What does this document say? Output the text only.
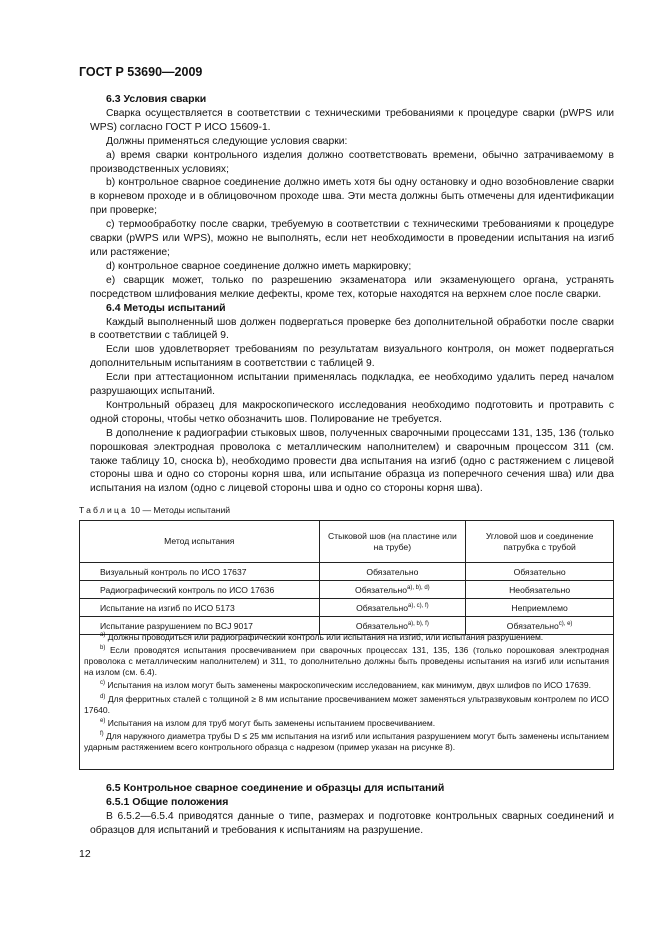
ГОСТ Р 53690—2009
6.3 Условия сварки

Сварка осуществляется в соответствии с техническими требованиями к процедуре сварки (pWPS или WPS) согласно ГОСТ Р ИСО 15609-1.

Должны применяться следующие условия сварки:

а) время сварки контрольного изделия должно соответствовать времени, обычно затрачиваемому в производственных условиях;

b) контрольное сварное соединение должно иметь хотя бы одну остановку и одно возобновление сварки в корневом проходе и в облицовочном проходе шва. Эти места должны быть отмечены для идентификации при проверке;

c) термообработку после сварки, требуемую в соответствии с техническими требованиями к процедуре сварки (pWPS или WPS), можно не выполнять, если нет необходимости в проведении испытания на изгиб или растяжение;

d) контрольное сварное соединение должно иметь маркировку;

е) сварщик может, только по разрешению экзаменатора или экзаменующего органа, устранять посредством шлифования мелкие дефекты, кроме тех, которые находятся на верхнем слое после сварки.

6.4 Методы испытаний

Каждый выполненный шов должен подвергаться проверке без дополнительной обработки после сварки в соответствии с таблицей 9.

Если шов удовлетворяет требованиям по результатам визуального контроля, он может подвергаться дополнительным испытаниям в соответствии с таблицей 9.

Если при аттестационном испытании применялась подкладка, ее необходимо удалить перед началом разрушающих испытаний.

Контрольный образец для макроскопического исследования необходимо подготовить и протравить с одной стороны, чтобы четко обозначить шов. Полирование не требуется.

В дополнение к радиографии стыковых швов, полученных сварочными процессами 131, 135, 136 (только порошковая электродная проволока с металлическим наполнителем) и сварочным процессом 311 (см. также таблицу 10, сноска b), необходимо провести два испытания на изгиб (одно с растяжением с лицевой стороны шва и одно со стороны корня шва, или испытание образца из поперечного сечения шва) или два испытания на излом (одно с лицевой стороны шва и одно со стороны корня шва).

Таблица 10 — Методы испытаний
Метод испытания	Стыковой шов (на пластине или на трубе)	Угловой шов и соединение патрубка с трубой
Визуальный контроль по ИСО 17637	Обязательно	Обязательно
Радиографический контроль по ИСО 17636	Обязательно$^{a), b), d)}$	Необязательно
Испытание на изгиб по ИСО 5173	Обязательно$^{a), c), f)}$	Неприемлемо
Испытание разрушением по BCJ 9017	Обязательно$^{a), b), f)}$	Обязательно$^{c), e)}$

$^{a)}$ Должны проводиться или радиографический контроль или испытания на изгиб, или испытания разрушением.

$^{b)}$ Если проводятся испытания просвечиванием при сварочных процессах 131, 135, 136 (только порошковая электродная проволока с металлическим наполнителем) и 311, то дополнительно должны быть проведены испытания на изгиб или испытания на излом (см. 6.4).

$^{c)}$ Испытания на излом могут быть заменены макроскопическим исследованием, как минимум, двух шлифов по ИСО 17639.

$^{d)}$ Для ферритных сталей с толщиной ≥ 8 мм испытание просвечиванием может заменяться ультразвуковым контролем по ИСО 17640.

$^{e)}$ Испытания на излом для труб могут быть заменены испытанием просвечиванием.

$^{f)}$ Для наружного диаметра трубы D ≤ 25 мм испытания на изгиб или испытания разрушением могут быть заменены испытанием ударным растяжением всего контрольного образца с надрезом (пример указан на рисунке 8).

6.5 Контрольное сварное соединение и образцы для испытаний
6.5.1 Общие положения

В 6.5.2—6.5.4 приводятся данные о типе, размерах и подготовке контрольных сварных соединений и образцов для испытаний и требования к испытаниям на разрушение.

12
